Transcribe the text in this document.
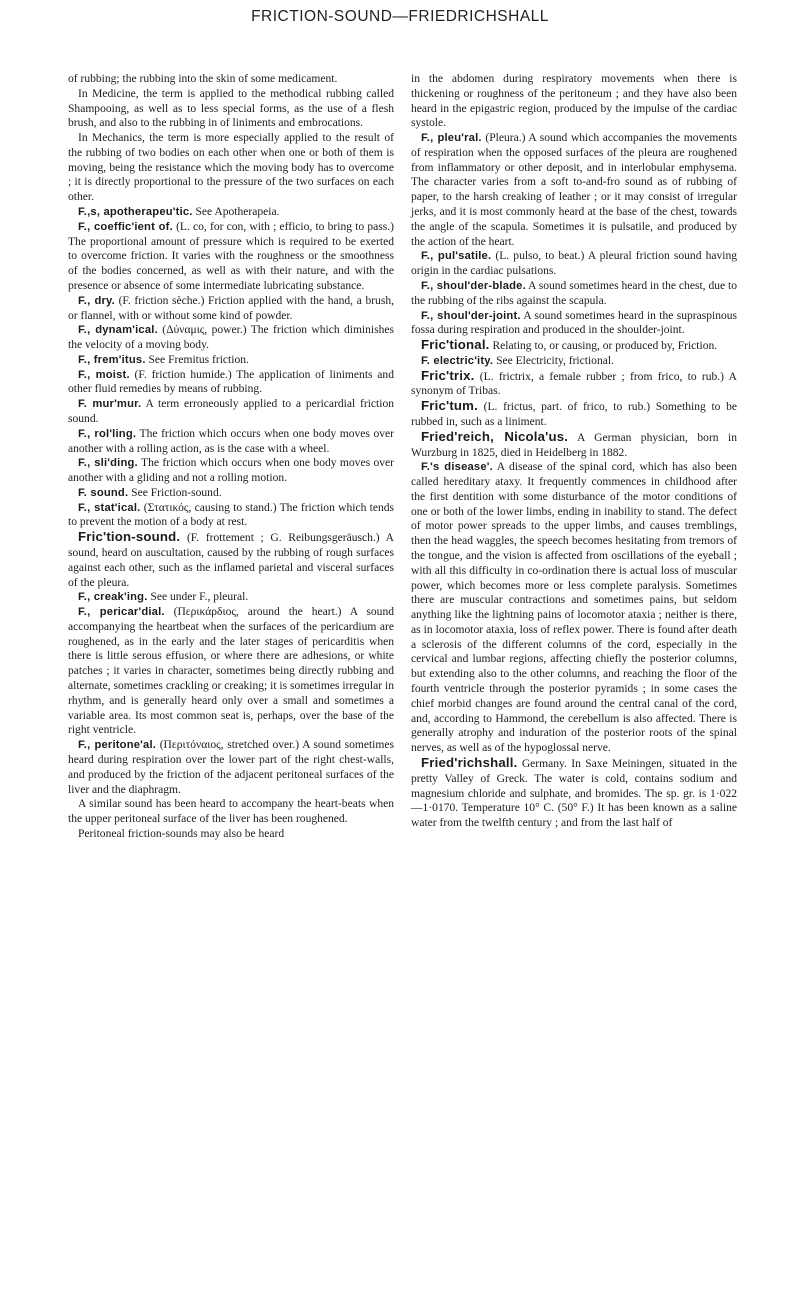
FRICTION-SOUND—FRIEDRICHSHALL

of rubbing; the rubbing into the skin of some medicament.

In Medicine, the term is applied to the methodical rubbing called Shampooing, as well as to less special forms, as the use of a flesh brush, and also to the rubbing in of liniments and embrocations.

In Mechanics, the term is more especially applied to the result of the rubbing of two bodies on each other when one or both of them is moving, being the resistance which the moving body has to overcome ; it is directly proportional to the pressure of the two surfaces on each other.

F.,s, apotherapeu'tic. See Apotherapeia.

F., coeffic'ient of. (L. co, for con, with ; efficio, to bring to pass.) The proportional amount of pressure which is required to be exerted to overcome friction. It varies with the roughness or the smoothness of the bodies concerned, as well as with their nature, and with the presence or absence of some intermediate lubricating substance.

F., dry. (F. friction sèche.) Friction applied with the hand, a brush, or flannel, with or without some kind of powder.

F., dynam'ical. (Δύναμις, power.) The friction which diminishes the velocity of a moving body.

F., frem'itus. See Fremitus friction.

F., moist. (F. friction humide.) The application of liniments and other fluid remedies by means of rubbing.

F. mur'mur. A term erroneously applied to a pericardial friction sound.

F., rol'ling. The friction which occurs when one body moves over another with a rolling action, as is the case with a wheel.

F., sli'ding. The friction which occurs when one body moves over another with a gliding and not a rolling motion.

F. sound. See Friction-sound.

F., stat'ical. (Στατικός, causing to stand.) The friction which tends to prevent the motion of a body at rest.

Fric'tion-sound. (F. frottement ; G. Reibungsgeräusch.) A sound, heard on auscultation, caused by the rubbing of rough surfaces against each other, such as the inflamed parietal and visceral surfaces of the pleura.

F., creak'ing. See under F., pleural.

F., pericar'dial. (Περικάρδιος, around the heart.) A sound accompanying the heartbeat when the surfaces of the pericardium are roughened, as in the early and the later stages of pericarditis when there is little serous effusion, or where there are adhesions, or white patches ; it varies in character, sometimes being directly rubbing and alternate, sometimes crackling or creaking; it is sometimes irregular in rhythm, and is generally heard only over a small and sometimes a variable area. Its most common seat is, perhaps, over the base of the right ventricle.

F., peritone'al. (Περιτόναιος, stretched over.) A sound sometimes heard during respiration over the lower part of the right chest-walls, and produced by the friction of the adjacent peritoneal surfaces of the liver and the diaphragm.

A similar sound has been heard to accompany the heart-beats when the upper peritoneal surface of the liver has been roughened.

Peritoneal friction-sounds may also be heard

in the abdomen during respiratory movements when there is thickening or roughness of the peritoneum ; and they have also been heard in the epigastric region, produced by the impulse of the cardiac systole.

F., pleu'ral. (Pleura.) A sound which accompanies the movements of respiration when the opposed surfaces of the pleura are roughened from inflammatory or other deposit, and in interlobular emphysema. The character varies from a soft to-and-fro sound as of rubbing of paper, to the harsh creaking of leather ; or it may consist of irregular jerks, and it is most commonly heard at the base of the chest, towards the angle of the scapula. Sometimes it is pulsatile, and produced by the action of the heart.

F., pul'satile. (L. pulso, to beat.) A pleural friction sound having origin in the cardiac pulsations.

F., shoul'der-blade. A sound sometimes heard in the chest, due to the rubbing of the ribs against the scapula.

F., shoul'der-joint. A sound sometimes heard in the supraspinous fossa during respiration and produced in the shoulder-joint.

Fric'tional. Relating to, or causing, or produced by, Friction.

F. electric'ity. See Electricity, frictional.

Fric'trix. (L. frictrix, a female rubber ; from frico, to rub.) A synonym of Tribas.

Fric'tum. (L. frictus, part. of frico, to rub.) Something to be rubbed in, such as a liniment.

Fried'reich, Nicola'us. A German physician, born in Wurzburg in 1825, died in Heidelberg in 1882.

F.'s disease'. A disease of the spinal cord, which has also been called hereditary ataxy. It frequently commences in childhood after the first dentition with some disturbance of the motor conditions of one or both of the lower limbs, ending in inability to stand. The defect of motor power spreads to the upper limbs, and causes tremblings, then the head waggles, the speech becomes hesitating from tremors of the tongue, and the vision is affected from oscillations of the eyeball ; with all this difficulty in co-ordination there is actual loss of muscular power, which becomes more or less complete paralysis. Sometimes there are muscular contractions and sometimes pains, but seldom anything like the lightning pains of locomotor ataxia ; neither is there, as in locomotor ataxia, loss of reflex power. There is found after death a sclerosis of the different columns of the cord, especially in the cervical and lumbar regions, affecting chiefly the posterior columns, but extending also to the other columns, and reaching the floor of the fourth ventricle through the posterior pyramids ; in some cases the chief morbid changes are found around the central canal of the cord, and, according to Hammond, the cerebellum is also affected. There is generally atrophy and induration of the posterior roots of the spinal nerves, as well as of the hypoglossal nerve.

Fried'richshall. Germany. In Saxe Meiningen, situated in the pretty Valley of Greck. The water is cold, contains sodium and magnesium chloride and sulphate, and bromides. The sp. gr. is 1·022—1·0170. Temperature 10° C. (50° F.) It has been known as a saline water from the twelfth century ; and from the last half of
